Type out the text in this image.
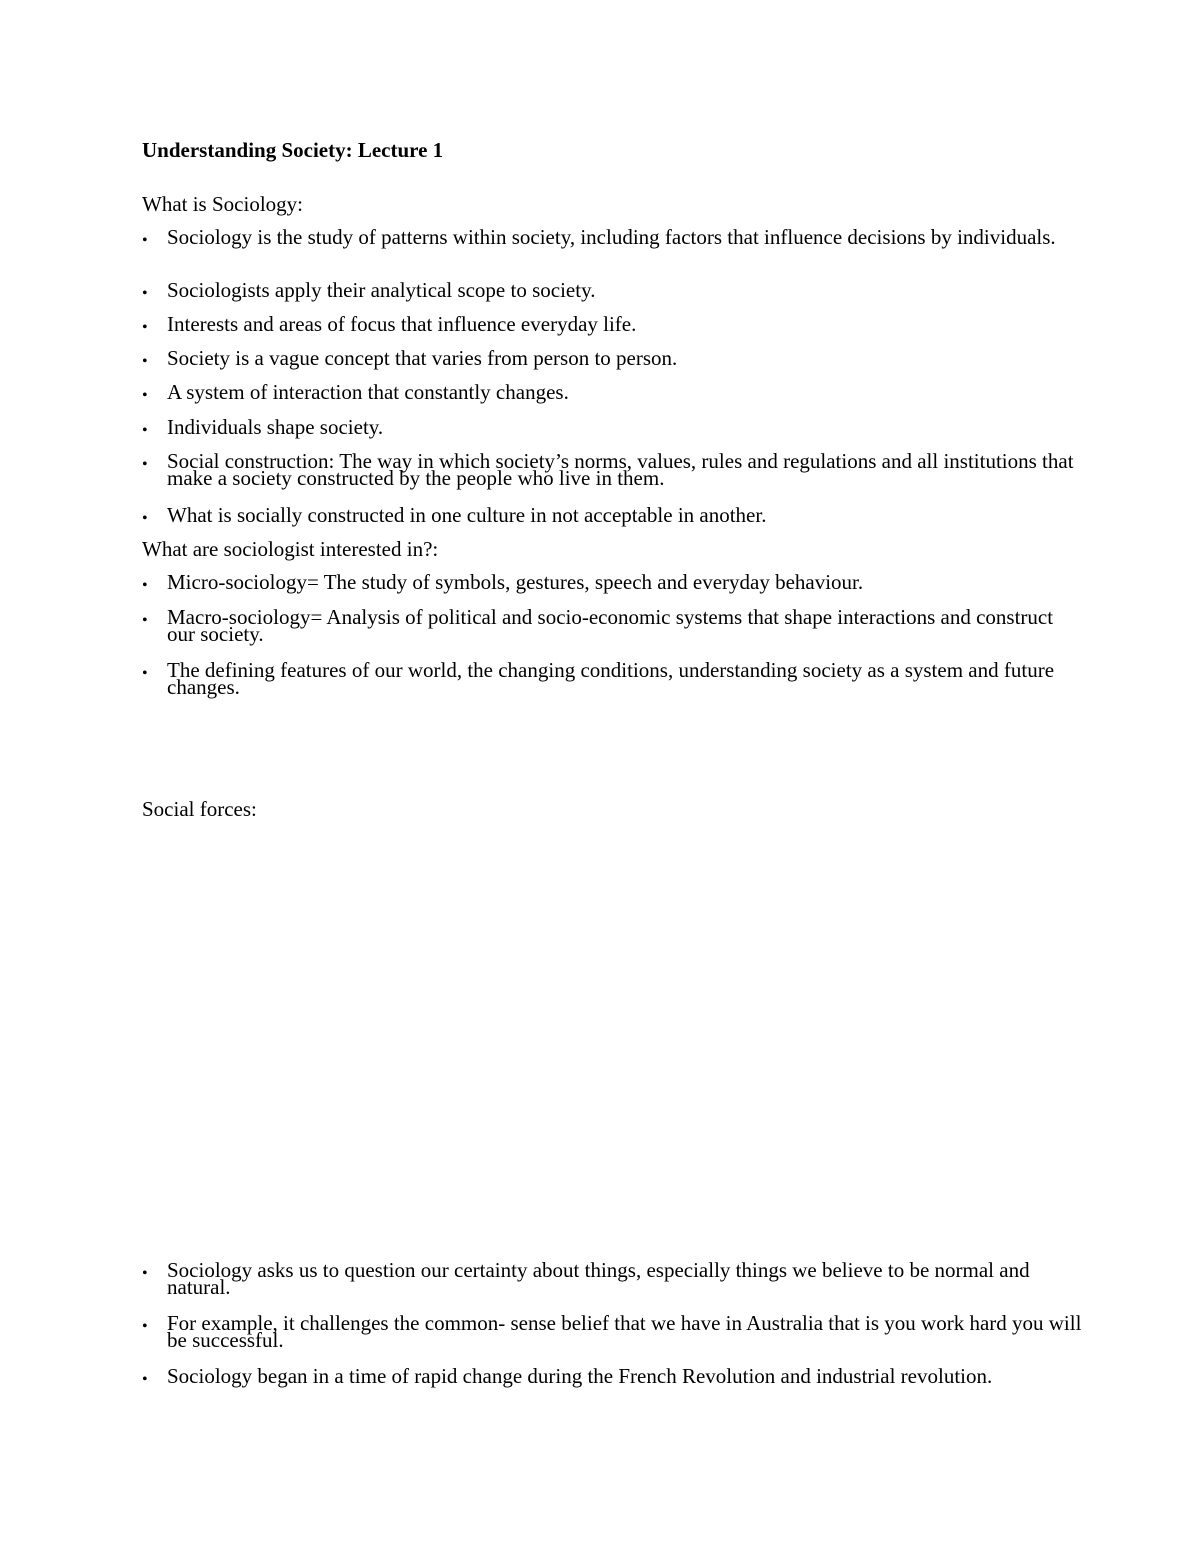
Understanding Society: Lecture 1
What is Sociology:
• Sociology is the study of patterns within society, including factors that influence decisions by individuals.
• Sociologists apply their analytical scope to society.
• Interests and areas of focus that influence everyday life.
• Society is a vague concept that varies from person to person.
• A system of interaction that constantly changes.
• Individuals shape society.
• Social construction: The way in which society’s norms, values, rules and regulations and all institutions that make a society constructed by the people who live in them.
• What is socially constructed in one culture in not acceptable in another.
What are sociologist interested in?:
• Micro-sociology= The study of symbols, gestures, speech and everyday behaviour.
• Macro-sociology= Analysis of political and socio-economic systems that shape interactions and construct our society.
• The defining features of our world, the changing conditions, understanding society as a system and future changes.
Social forces:
• Sociology asks us to question our certainty about things, especially things we believe to be normal and natural.
• For example, it challenges the common- sense belief that we have in Australia that is you work hard you will be successful.
• Sociology began in a time of rapid change during the French Revolution and industrial revolution.
